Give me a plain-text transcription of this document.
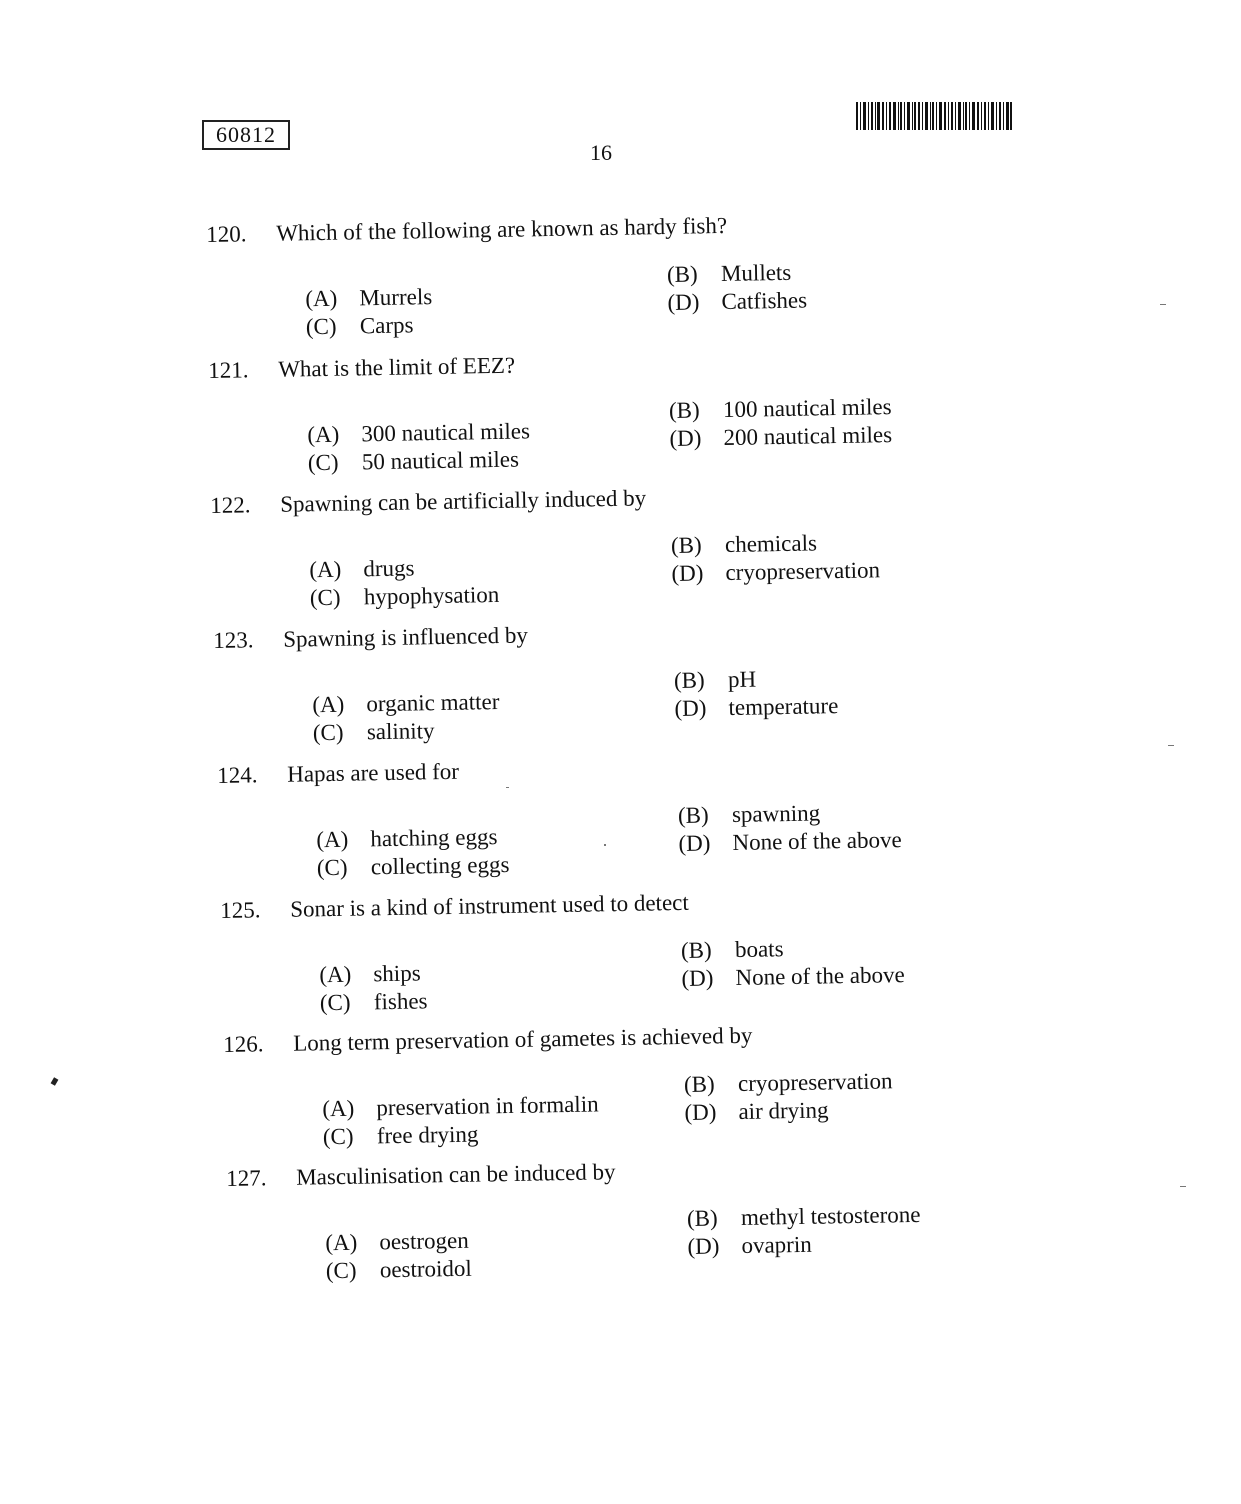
60812
16
120. Which of the following are known as hardy fish?
(A) Murrels
(C) Carps
(B) Mullets
(D) Catfishes
121. What is the limit of EEZ?
(A) 300 nautical miles
(C) 50 nautical miles
(B) 100 nautical miles
(D) 200 nautical miles
122. Spawning can be artificially induced by
(A) drugs
(C) hypophysation
(B) chemicals
(D) cryopreservation
123. Spawning is influenced by
(A) organic matter
(C) salinity
(B) pH
(D) temperature
124. Hapas are used for
(A) hatching eggs
(C) collecting eggs
(B) spawning
(D) None of the above
125. Sonar is a kind of instrument used to detect
(A) ships
(C) fishes
(B) boats
(D) None of the above
126. Long term preservation of gametes is achieved by
(A) preservation in formalin
(C) free drying
(B) cryopreservation
(D) air drying
127. Masculinisation can be induced by
(A) oestrogen
(C) oestroidol
(B) methyl testosterone
(D) ovaprin
